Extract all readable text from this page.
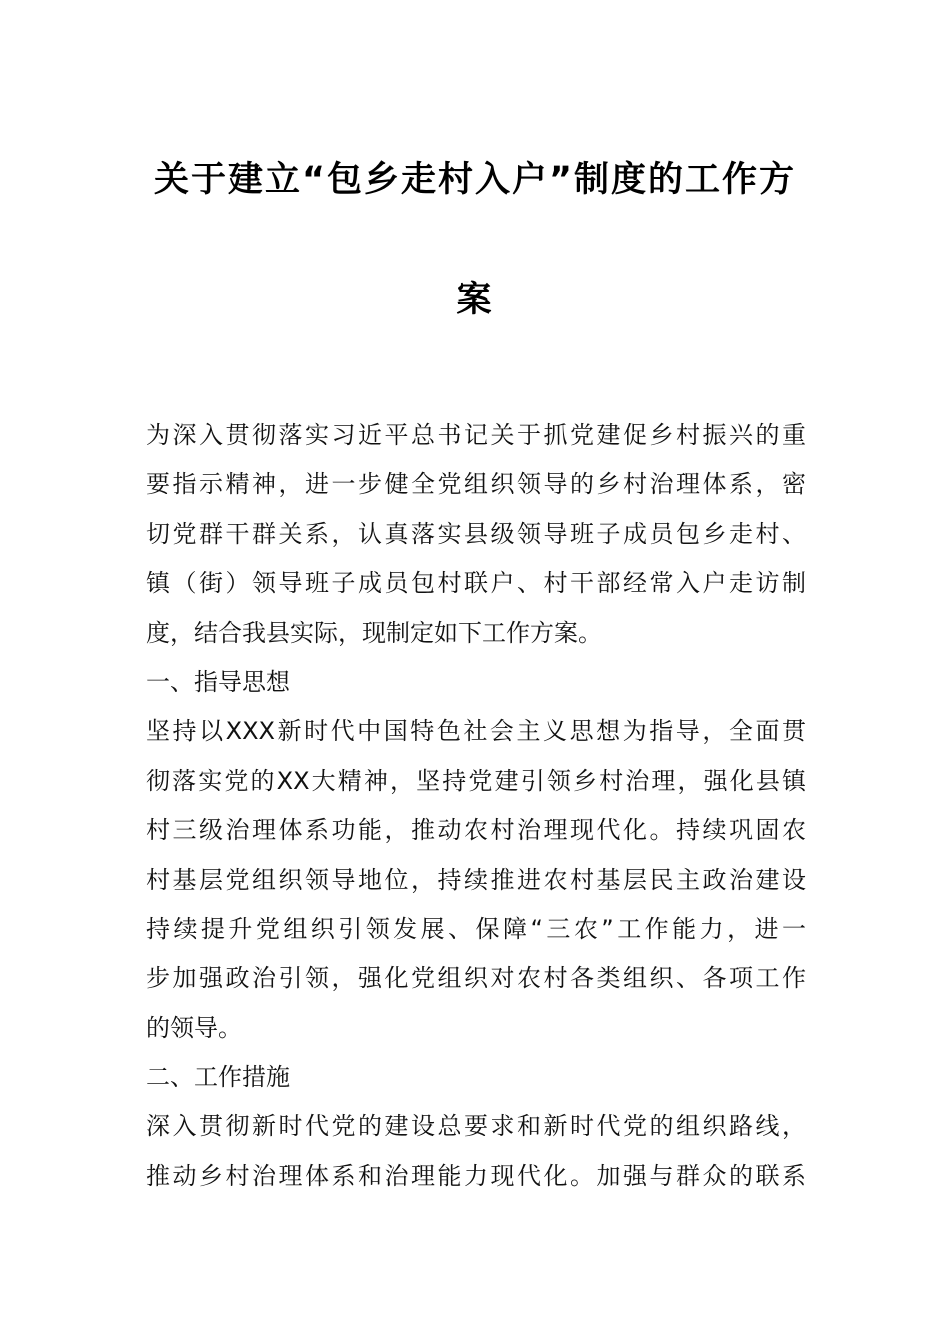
关于建立“包乡走村入户”制度的工作方
案
为深入贯彻落实习近平总书记关于抓党建促乡村振兴的重
要指示精神，进一步健全党组织领导的乡村治理体系，密
切党群干群关系，认真落实县级领导班子成员包乡走村、
镇（街）领导班子成员包村联户、村干部经常入户走访制
度，结合我县实际，现制定如下工作方案。
一、指导思想
坚持以XXX新时代中国特色社会主义思想为指导，全面贯
彻落实党的XX大精神，坚持党建引领乡村治理，强化县镇
村三级治理体系功能，推动农村治理现代化。持续巩固农
村基层党组织领导地位，持续推进农村基层民主政治建设
持续提升党组织引领发展、保障“三农”工作能力，进一
步加强政治引领，强化党组织对农村各类组织、各项工作
的领导。
二、工作措施
深入贯彻新时代党的建设总要求和新时代党的组织路线，
推动乡村治理体系和治理能力现代化。加强与群众的联系
